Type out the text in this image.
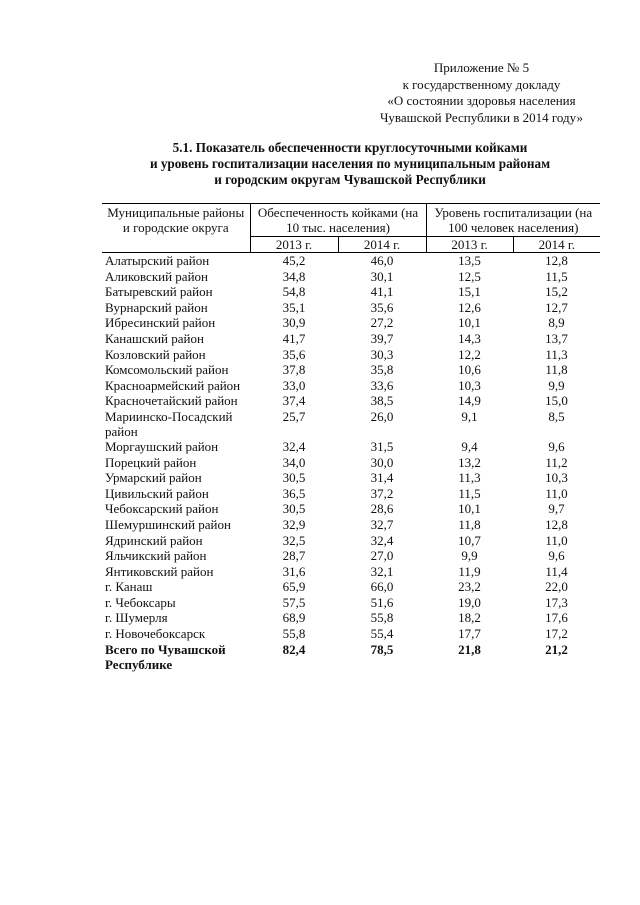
Приложение № 5
к государственному докладу
«О состоянии здоровья населения
Чувашской Республики в 2014 году»
5.1. Показатель обеспеченности круглосуточными койками
и уровень госпитализации населения по муниципальным районам
и городским округам Чувашской Республики
Муниципальные районы и городские округа	Обеспеченность койками (на 10 тыс. населения)		Уровень госпитализации (на 100 человек населения)	
	2013 г.	2014 г.	2013 г.	2014 г.
Алатырский район	45,2	46,0	13,5	12,8
Аликовский район	34,8	30,1	12,5	11,5
Батыревский район	54,8	41,1	15,1	15,2
Вурнарский район	35,1	35,6	12,6	12,7
Ибресинский район	30,9	27,2	10,1	8,9
Канашский район	41,7	39,7	14,3	13,7
Козловский район	35,6	30,3	12,2	11,3
Комсомольский район	37,8	35,8	10,6	11,8
Красноармейский район	33,0	33,6	10,3	9,9
Красночетайский район	37,4	38,5	14,9	15,0
Мариинско-Посадский район	25,7	26,0	9,1	8,5
Моргаушский район	32,4	31,5	9,4	9,6
Порецкий район	34,0	30,0	13,2	11,2
Урмарский район	30,5	31,4	11,3	10,3
Цивильский район	36,5	37,2	11,5	11,0
Чебоксарский район	30,5	28,6	10,1	9,7
Шемуршинский район	32,9	32,7	11,8	12,8
Ядринский район	32,5	32,4	10,7	11,0
Яльчикский район	28,7	27,0	9,9	9,6
Янтиковский район	31,6	32,1	11,9	11,4
г. Канаш	65,9	66,0	23,2	22,0
г. Чебоксары	57,5	51,6	19,0	17,3
г. Шумерля	68,9	55,8	18,2	17,6
г. Новочебоксарск	55,8	55,4	17,7	17,2
Всего по Чувашской Республике	82,4	78,5	21,8	21,2
